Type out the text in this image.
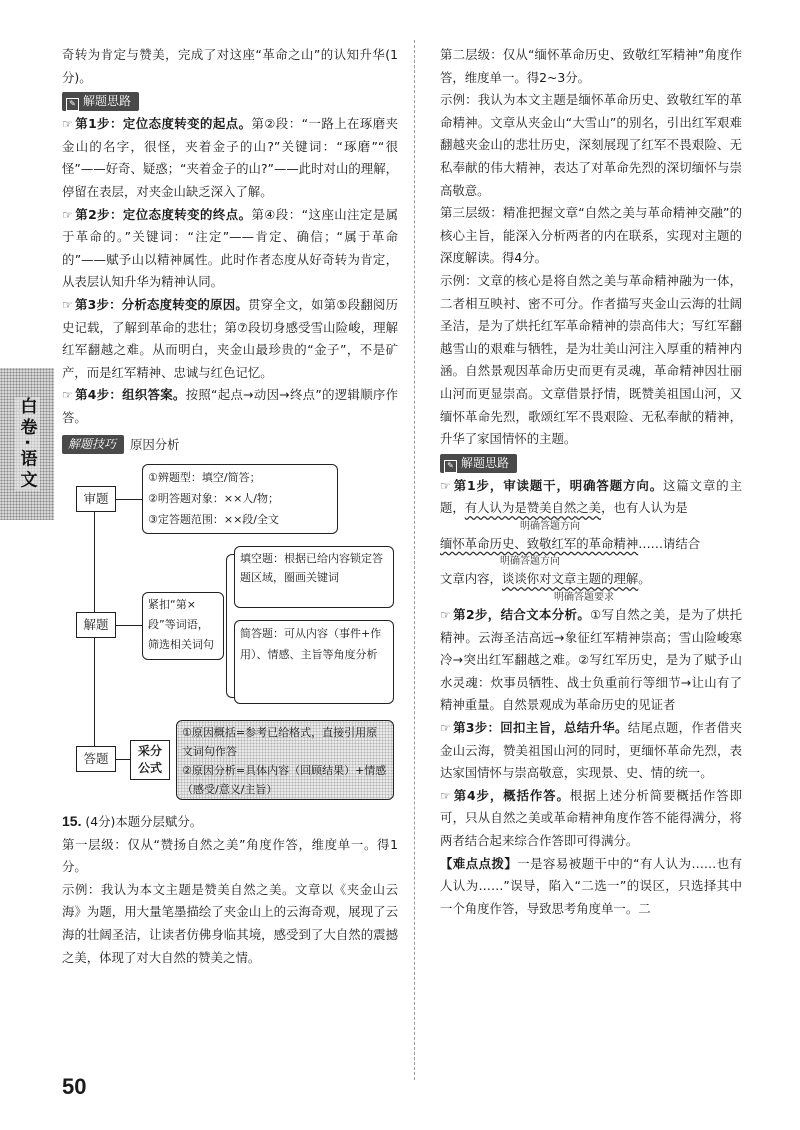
白卷·语文

奇转为肯定与赞美，完成了对这座“革命之山”的认知升华(1分)。

✎ 解题思路

☞ 第1步：定位态度转变的起点。第②段：“一路上在琢磨夹金山的名字，很怪，夹着金子的山?”关键词：“琢磨”“很怪”——好奇、疑惑；“夹着金子的山?”——此时对山的理解，停留在表层，对夹金山缺乏深入了解。

☞ 第2步：定位态度转变的终点。第④段：“这座山注定是属于革命的。”关键词：“注定”——肯定、确信；“属于革命的”——赋予山以精神属性。此时作者态度从好奇转为肯定，从表层认知升华为精神认同。

☞ 第3步：分析态度转变的原因。贯穿全文，如第⑤段翻阅历史记载，了解到革命的悲壮；第⑦段切身感受雪山险峻，理解红军翻越之难。从而明白，夹金山最珍贵的“金子”，不是矿产，而是红军精神、忠诚与红色记忆。

☞ 第4步：组织答案。按照“起点→动因→终点”的逻辑顺序作答。

解题技巧	原因分析
审题
①辨题型：填空/简答；
②明答题对象：××人/物；
③定答题范围：××段/全文
解题
紧扣“第×段”等词语，筛选相关词句
填空题：根据已给内容锁定答题区域，圈画关键词
简答题：可从内容（事件+作用）、情感、主旨等角度分析
答题	采分公式
①原因概括=参考已给格式，直接引用原文词句作答
②原因分析=具体内容（回顾结果）+情感（感受/意义/主旨）

15. (4分)本题分层赋分。

第一层级：仅从“赞扬自然之美”角度作答，维度单一。得1分。

示例：我认为本文主题是赞美自然之美。文章以《夹金山云海》为题，用大量笔墨描绘了夹金山上的云海奇观，展现了云海的壮阔圣洁，让读者仿佛身临其境，感受到了大自然的震撼之美，体现了对大自然的赞美之情。

第二层级：仅从“缅怀革命历史、致敬红军精神”角度作答，维度单一。得2~3分。

示例：我认为本文主题是缅怀革命历史、致敬红军的革命精神。文章从夹金山“大雪山”的别名，引出红军艰难翻越夹金山的悲壮历史，深刻展现了红军不畏艰险、无私奉献的伟大精神，表达了对革命先烈的深切缅怀与崇高敬意。

第三层级：精准把握文章“自然之美与革命精神交融”的核心主旨，能深入分析两者的内在联系，实现对主题的深度解读。得4分。

示例：文章的核心是将自然之美与革命精神融为一体，二者相互映衬、密不可分。作者描写夹金山云海的壮阔圣洁，是为了烘托红军革命精神的崇高伟大；写红军翻越雪山的艰难与牺牲，是为壮美山河注入厚重的精神内涵。自然景观因革命历史而更有灵魂，革命精神因壮丽山河而更显崇高。文章借景抒情，既赞美祖国山河，又缅怀革命先烈，歌颂红军不畏艰险、无私奉献的精神，升华了家国情怀的主题。

✎ 解题思路

☞ 第1步，审读题干，明确答题方向。这篇文章的主题，有人认为是赞美自然之美，也有人认为是

明确答题方向

缅怀革命历史、致敬红军的革命精神……请结合

明确答题方向

文章内容，谈谈你对文章主题的理解。

明确答题要求

☞ 第2步，结合文本分析。①写自然之美，是为了烘托精神。云海圣洁高远→象征红军精神崇高；雪山险峻寒冷→突出红军翻越之难。②写红军历史，是为了赋予山水灵魂：炊事员牺牲、战士负重前行等细节→让山有了精神重量。自然景观成为革命历史的见证者

☞ 第3步：回扣主旨，总结升华。结尾点题，作者借夹金山云海，赞美祖国山河的同时，更缅怀革命先烈，表达家国情怀与崇高敬意，实现景、史、情的统一。

☞ 第4步，概括作答。根据上述分析简要概括作答即可，只从自然之美或革命精神角度作答不能得满分，将两者结合起来综合作答即可得满分。

【难点点拨】一是容易被题干中的“有人认为……也有人认为……”误导，陷入“二选一”的误区，只选择其中一个角度作答，导致思考角度单一。二

50
